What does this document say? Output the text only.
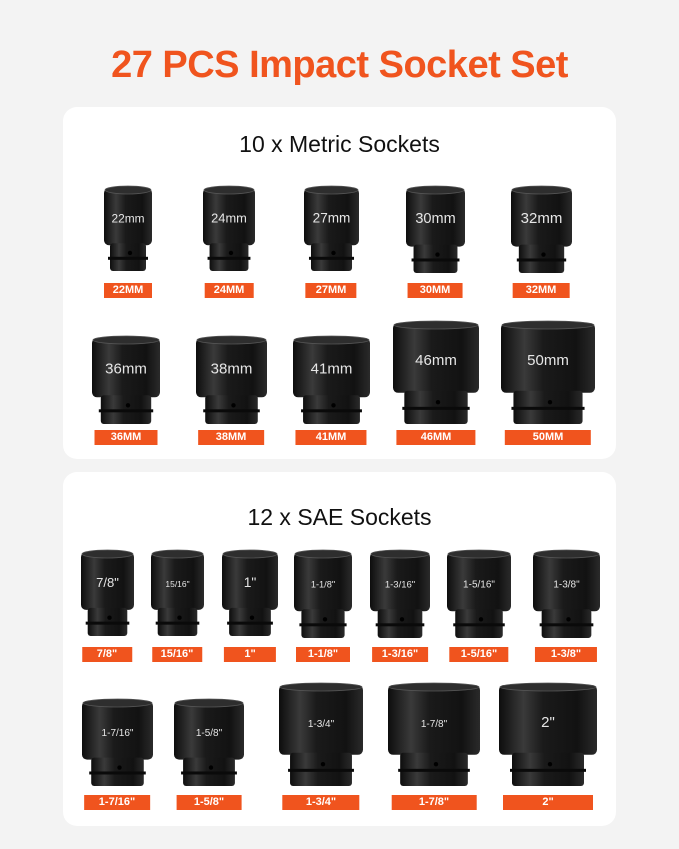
27 PCS Impact Socket Set
10 x Metric Sockets
12 x SAE Sockets
22mm
22MM
24mm
24MM
27mm
27MM
30mm
30MM
32mm
32MM
36mm
36MM
38mm
38MM
41mm
41MM
46mm
46MM
50mm
50MM
7/8"
7/8"
15/16"
15/16"
1"
1"
1-1/8"
1-1/8"
1-3/16"
1-3/16"
1-5/16"
1-5/16"
1-3/8"
1-3/8"
1-7/16"
1-7/16"
1-5/8"
1-5/8"
1-3/4"
1-3/4"
1-7/8"
1-7/8"
2"
2"
